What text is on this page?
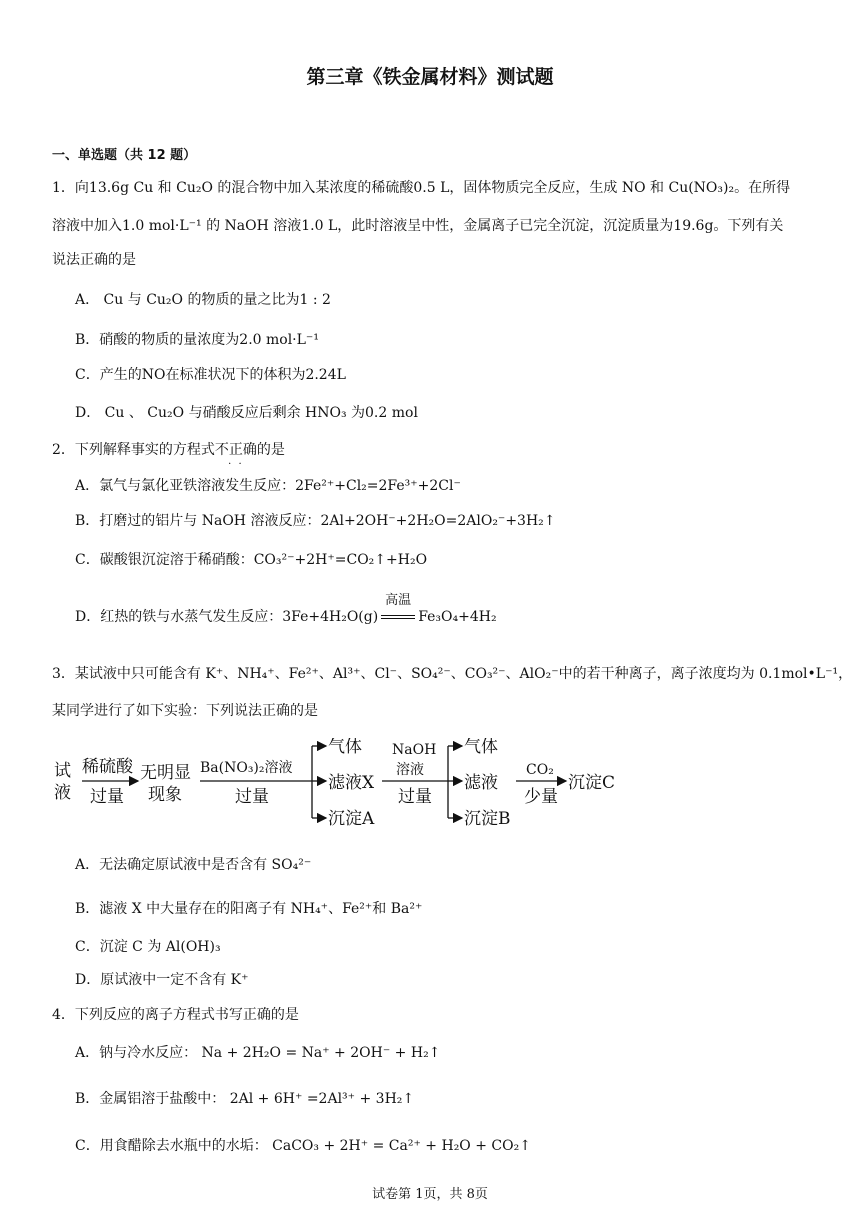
第三章《铁金属材料》测试题
一、单选题（共 12 题）
1．向13.6g Cu 和 Cu₂O 的混合物中加入某浓度的稀硫酸0.5 L，固体物质完全反应，生成 NO 和 Cu(NO₃)₂。在所得
溶液中加入1.0 mol·L⁻¹ 的 NaOH 溶液1.0 L，此时溶液呈中性，金属离子已完全沉淀，沉淀质量为19.6g。下列有关
说法正确的是
A． Cu 与 Cu₂O 的物质的量之比为1 : 2
B．硝酸的物质的量浓度为2.0 mol·L⁻¹
C．产生的NO在标准状况下的体积为2.24L
D． Cu 、 Cu₂O 与硝酸反应后剩余 HNO₃ 为0.2 mol
2．下列解释事实的方程式不正确 · ·的是
A．氯气与氯化亚铁溶液发生反应：2Fe²⁺+Cl₂=2Fe³⁺+2Cl⁻
B．打磨过的铝片与 NaOH 溶液反应：2Al+2OH⁻+2H₂O=2AlO₂⁻+3H₂↑
C．碳酸银沉淀溶于稀硝酸：CO₃²⁻+2H⁺=CO₂↑+H₂O
D．红热的铁与水蒸气发生反应：3Fe+4H₂O(g)
高温
Fe₃O₄+4H₂
3．某试液中只可能含有 K⁺、NH₄⁺、Fe²⁺、Al³⁺、Cl⁻、SO₄²⁻、CO₃²⁻、AlO₂⁻中的若干种离子，离子浓度均为 0.1mol•L⁻¹，
某同学进行了如下实验：下列说法正确的是
试
液
稀硫酸
过量
无明显
现象
Ba(NO₃)₂溶液
过量
气体
滤液X
沉淀A
NaOH
溶液
过量
气体
滤液
沉淀B
CO₂
少量
沉淀C
A．无法确定原试液中是否含有 SO₄²⁻
B．滤液 X 中大量存在的阳离子有 NH₄⁺、Fe²⁺和 Ba²⁺
C．沉淀 C 为 Al(OH)₃
D．原试液中一定不含有 K⁺
4．下列反应的离子方程式书写正确的是
A．钠与冷水反应： Na + 2H₂O = Na⁺ + 2OH⁻ + H₂↑
B．金属铝溶于盐酸中： 2Al + 6H⁺ =2Al³⁺ + 3H₂↑
C．用食醋除去水瓶中的水垢： CaCO₃ + 2H⁺ = Ca²⁺ + H₂O + CO₂↑
试卷第 1页，共 8页
